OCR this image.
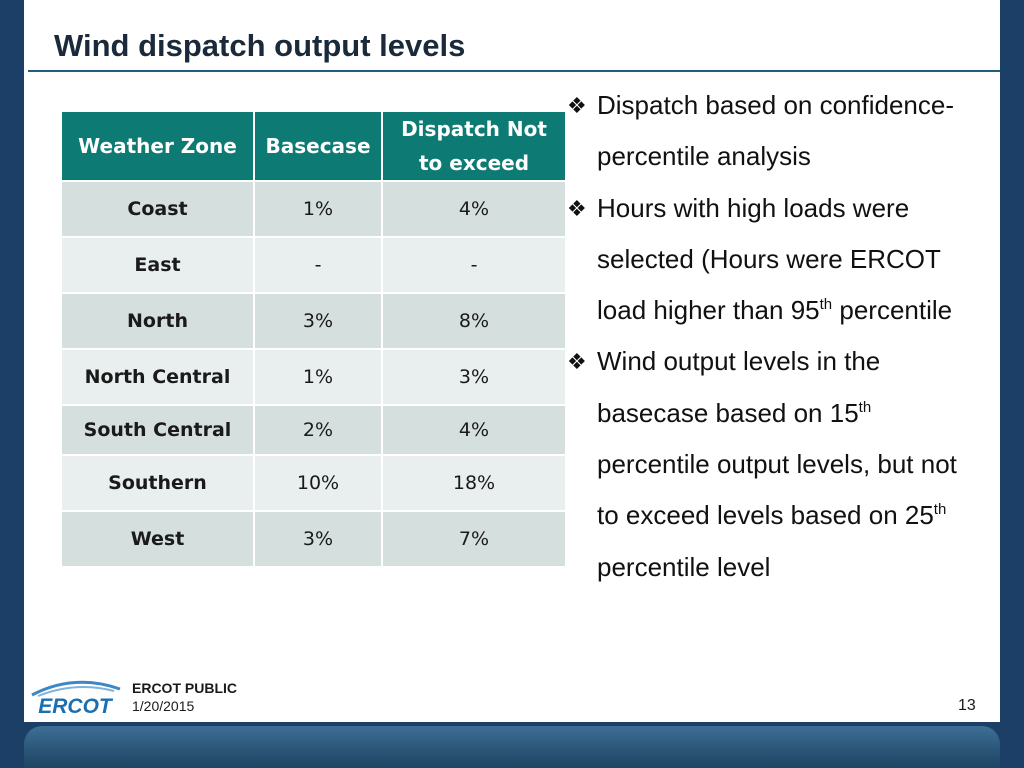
Wind dispatch output levels
Weather Zone	Basecase	Dispatch Not
to exceed
Coast	1%	4%
East	-	-
North	3%	8%
North Central	1%	3%
South Central	2%	4%
Southern	10%	18%
West	3%	7%
❖ Dispatch based on confidence-percentile analysis
❖ Hours with high loads were selected (Hours were ERCOT load higher than 95th percentile
❖ Wind output levels in the basecase based on 15th percentile output levels, but not to exceed levels based on 25th percentile level
ERCOT
ERCOT PUBLIC
1/20/2015	13
